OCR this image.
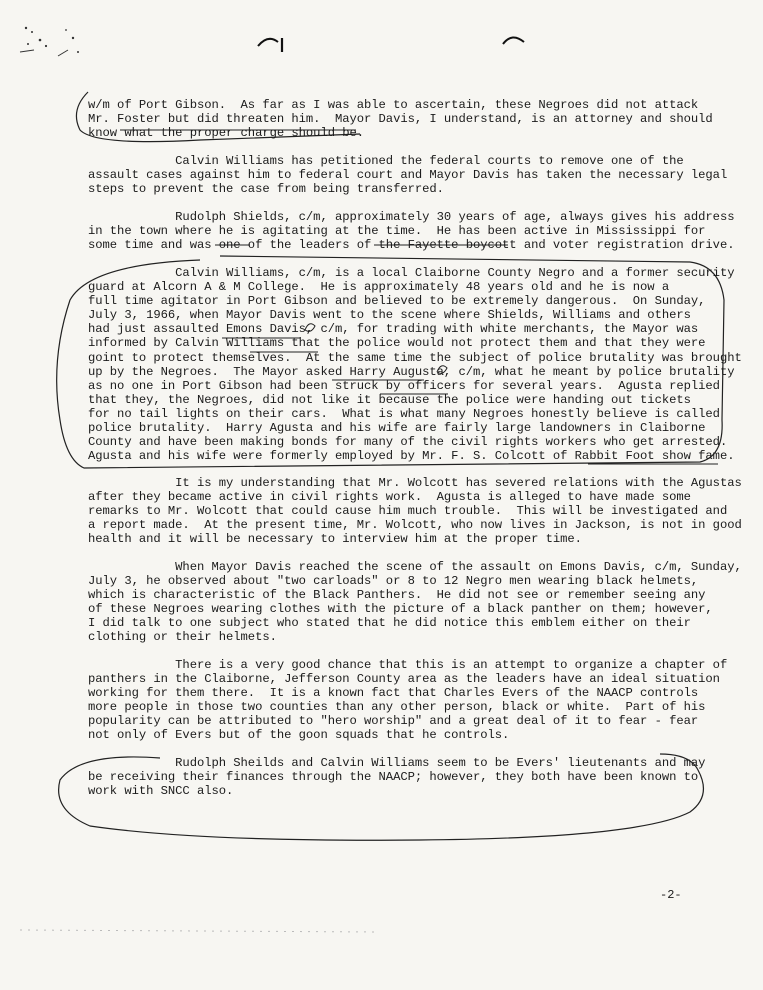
w/m of Port Gibson.  As far as I was able to ascertain, these Negroes did not attack
Mr. Foster but did threaten him.  Mayor Davis, I understand, is an attorney and should
know what the proper charge should be.
Calvin Williams has petitioned the federal courts to remove one of the
assault cases against him to federal court and Mayor Davis has taken the necessary legal
steps to prevent the case from being transferred.
Rudolph Shields, c/m, approximately 30 years of age, always gives his address
in the town where he is agitating at the time.  He has been active in Mississippi for
some time and was one of the leaders of the Fayette boycott and voter registration drive.
Calvin Williams, c/m, is a local Claiborne County Negro and a former security
guard at Alcorn A & M College.  He is approximately 48 years old and he is now a
full time agitator in Port Gibson and believed to be extremely dangerous.  On Sunday,
July 3, 1966, when Mayor Davis went to the scene where Shields, Williams and others
had just assaulted Emons Davis, c/m, for trading with white merchants, the Mayor was
informed by Calvin Williams that the police would not protect them and that they were
goint to protect themselves.  At the same time the subject of police brutality was brought
up by the Negroes.  The Mayor asked Harry Augusta, c/m, what he meant by police brutality
as no one in Port Gibson had been struck by officers for several years.  Agusta replied
that they, the Negroes, did not like it because the police were handing out tickets
for no tail lights on their cars.  What is what many Negroes honestly believe is called
police brutality.  Harry Agusta and his wife are fairly large landowners in Claiborne
County and have been making bonds for many of the civil rights workers who get arrested.
Agusta and his wife were formerly employed by Mr. F. S. Colcott of Rabbit Foot show fame.
It is my understanding that Mr. Wolcott has severed relations with the Agustas
after they became active in civil rights work.  Agusta is alleged to have made some
remarks to Mr. Wolcott that could cause him much trouble.  This will be investigated and
a report made.  At the present time, Mr. Wolcott, who now lives in Jackson, is not in good
health and it will be necessary to interview him at the proper time.
When Mayor Davis reached the scene of the assault on Emons Davis, c/m, Sunday,
July 3, he observed about "two carloads" or 8 to 12 Negro men wearing black helmets,
which is characteristic of the Black Panthers.  He did not see or remember seeing any
of these Negroes wearing clothes with the picture of a black panther on them; however,
I did talk to one subject who stated that he did notice this emblem either on their
clothing or their helmets.
There is a very good chance that this is an attempt to organize a chapter of
panthers in the Claiborne, Jefferson County area as the leaders have an ideal situation
working for them there.  It is a known fact that Charles Evers of the NAACP controls
more people in those two counties than any other person, black or white.  Part of his
popularity can be attributed to "hero worship" and a great deal of it to fear - fear
not only of Evers but of the goon squads that he controls.
Rudolph Sheilds and Calvin Williams seem to be Evers' lieutenants and may
be receiving their finances through the NAACP; however, they both have been known to
work with SNCC also.
-2-
